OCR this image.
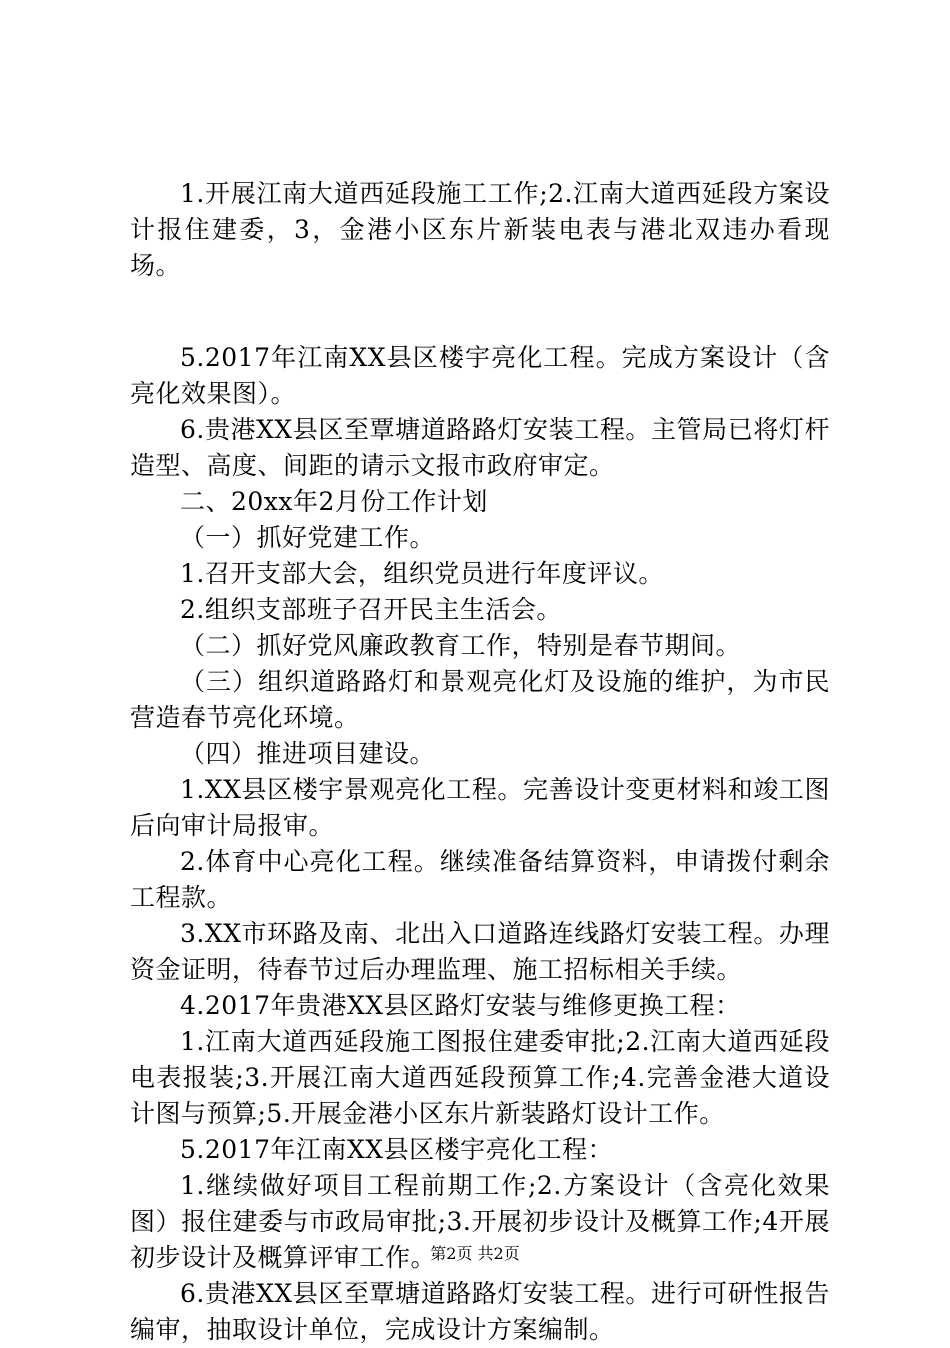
1.开展江南大道西延段施工工作;2.江南大道西延段方案设计报住建委，3，金港小区东片新装电表与港北双违办看现场。

5.2017年江南XX县区楼宇亮化工程。完成方案设计（含亮化效果图）。

6.贵港XX县区至覃塘道路路灯安装工程。主管局已将灯杆造型、高度、间距的请示文报市政府审定。

二、20xx年2月份工作计划

（一）抓好党建工作。

1.召开支部大会，组织党员进行年度评议。

2.组织支部班子召开民主生活会。

（二）抓好党风廉政教育工作，特别是春节期间。

（三）组织道路路灯和景观亮化灯及设施的维护，为市民营造春节亮化环境。

（四）推进项目建设。

1.XX县区楼宇景观亮化工程。完善设计变更材料和竣工图后向审计局报审。

2.体育中心亮化工程。继续准备结算资料，申请拨付剩余工程款。

3.XX市环路及南、北出入口道路连线路灯安装工程。办理资金证明，待春节过后办理监理、施工招标相关手续。

4.2017年贵港XX县区路灯安装与维修更换工程：

1.江南大道西延段施工图报住建委审批;2.江南大道西延段电表报装;3.开展江南大道西延段预算工作;4.完善金港大道设计图与预算;5.开展金港小区东片新装路灯设计工作。

5.2017年江南XX县区楼宇亮化工程：

1.继续做好项目工程前期工作;2.方案设计（含亮化效果图）报住建委与市政局审批;3.开展初步设计及概算工作;4开展初步设计及概算评审工作。

6.贵港XX县区至覃塘道路路灯安装工程。进行可研性报告编审，抽取设计单位，完成设计方案编制。

第2页 共2页
